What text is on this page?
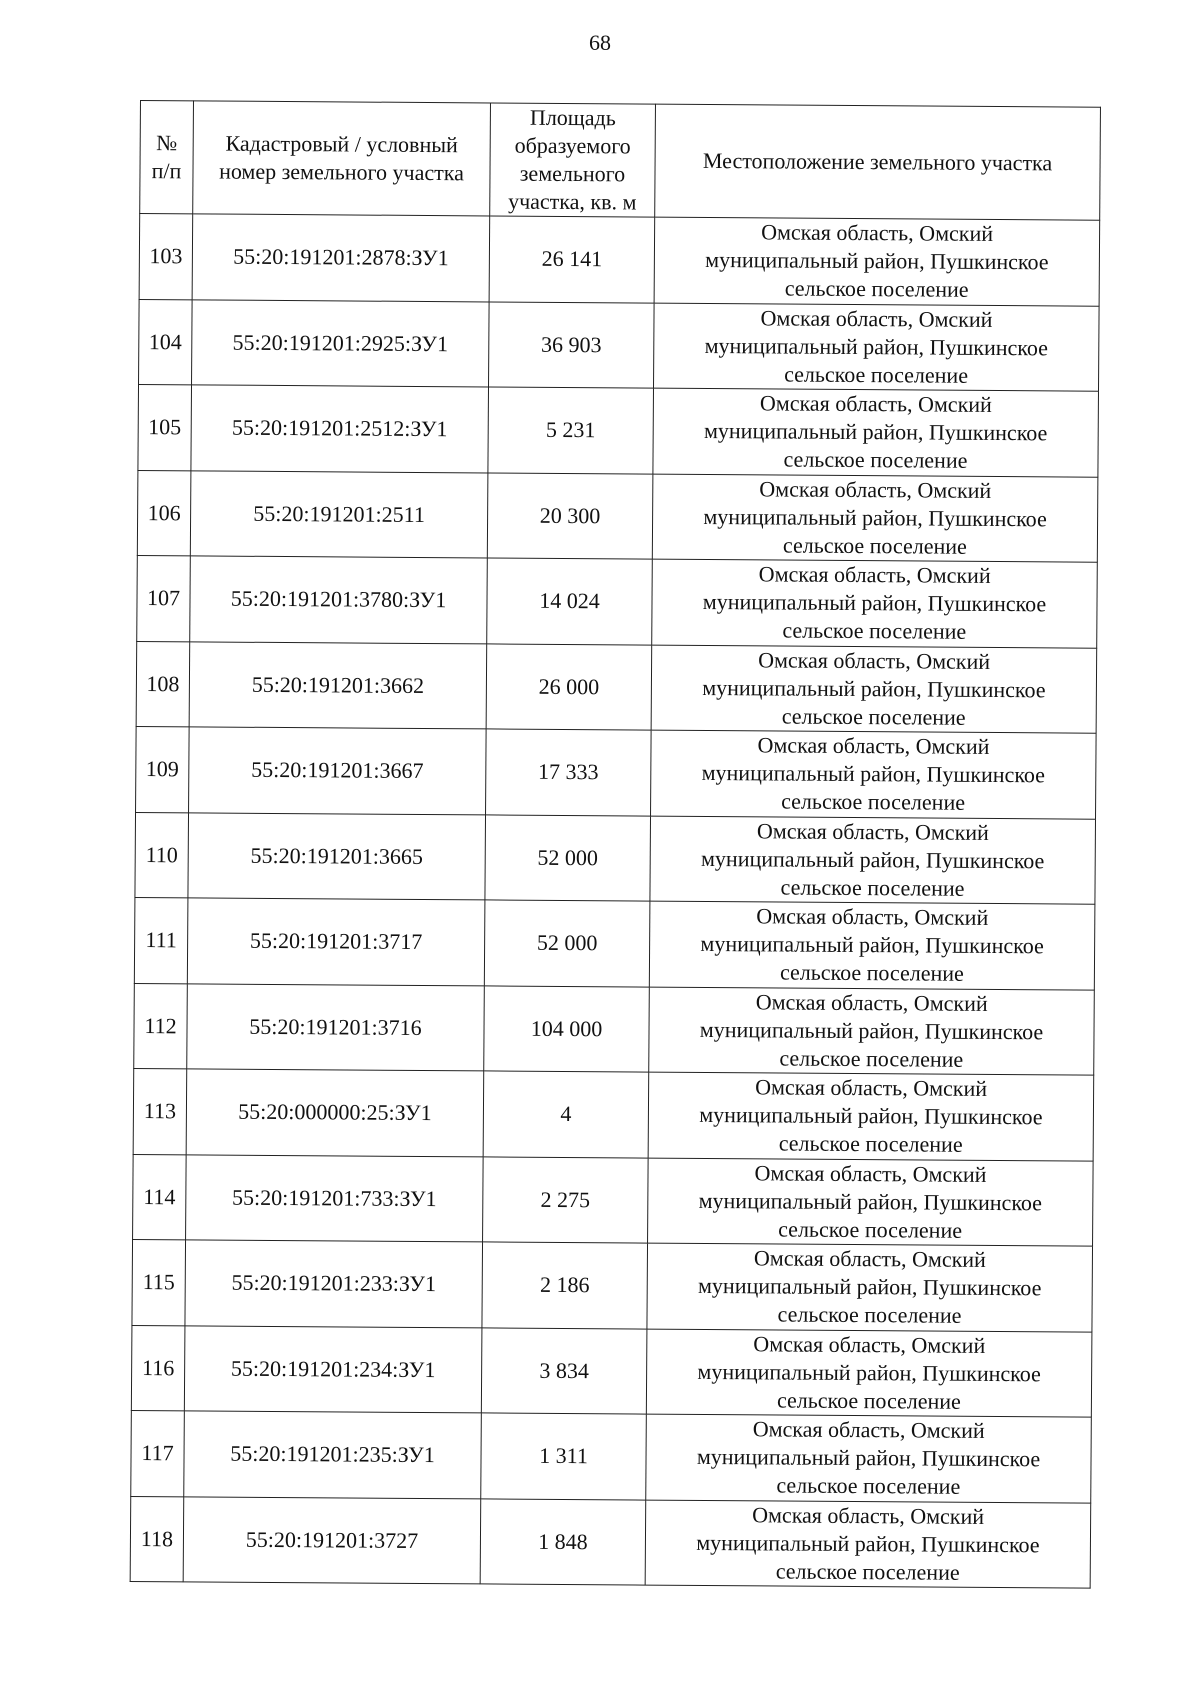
68
№ п/п	Кадастровый / условный номер земельного участка	Площадь образуемого земельного участка, кв. м	Местоположение земельного участка
103	55:20:191201:2878:ЗУ1	26 141	Омская область, Омский
муниципальный район, Пушкинское
сельское поселение

104	55:20:191201:2925:ЗУ1	36 903	Омская область, Омский
муниципальный район, Пушкинское
сельское поселение

105	55:20:191201:2512:ЗУ1	5 231	Омская область, Омский
муниципальный район, Пушкинское
сельское поселение

106	55:20:191201:2511	20 300	Омская область, Омский
муниципальный район, Пушкинское
сельское поселение

107	55:20:191201:3780:ЗУ1	14 024	Омская область, Омский
муниципальный район, Пушкинское
сельское поселение

108	55:20:191201:3662	26 000	Омская область, Омский
муниципальный район, Пушкинское
сельское поселение

109	55:20:191201:3667	17 333	Омская область, Омский
муниципальный район, Пушкинское
сельское поселение

110	55:20:191201:3665	52 000	Омская область, Омский
муниципальный район, Пушкинское
сельское поселение

111	55:20:191201:3717	52 000	Омская область, Омский
муниципальный район, Пушкинское
сельское поселение

112	55:20:191201:3716	104 000	Омская область, Омский
муниципальный район, Пушкинское
сельское поселение

113	55:20:000000:25:ЗУ1	4	Омская область, Омский
муниципальный район, Пушкинское
сельское поселение

114	55:20:191201:733:ЗУ1	2 275	Омская область, Омский
муниципальный район, Пушкинское
сельское поселение

115	55:20:191201:233:ЗУ1	2 186	Омская область, Омский
муниципальный район, Пушкинское
сельское поселение

116	55:20:191201:234:ЗУ1	3 834	Омская область, Омский
муниципальный район, Пушкинское
сельское поселение

117	55:20:191201:235:ЗУ1	1 311	Омская область, Омский
муниципальный район, Пушкинское
сельское поселение

118	55:20:191201:3727	1 848	Омская область, Омский
муниципальный район, Пушкинское
сельское поселение
